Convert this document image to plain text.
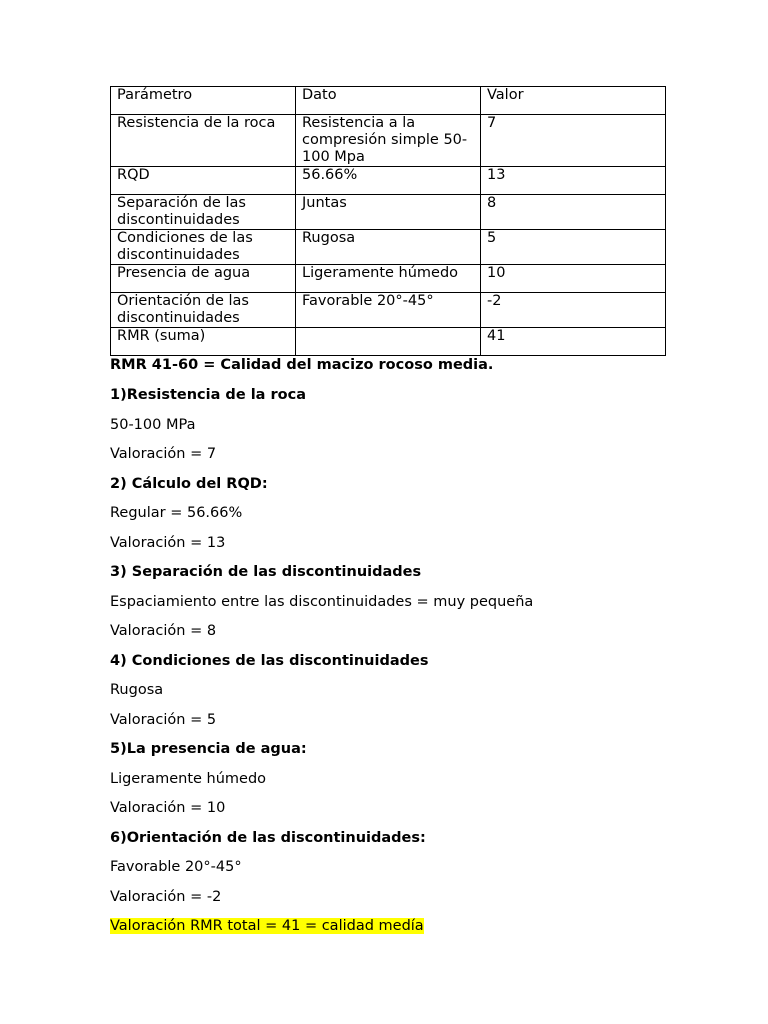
Parámetro	Dato	Valor
Resistencia de la roca	Resistencia a la compresión simple 50-100 Mpa	7
RQD	56.66%	13
Separación de las discontinuidades	Juntas	8
Condiciones de las discontinuidades	Rugosa	5
Presencia de agua	Ligeramente húmedo	10
Orientación de las discontinuidades	Favorable 20°-45°	-2
RMR (suma)		41

RMR 41-60 = Calidad del macizo rocoso media.

1)Resistencia de la roca

50-100 MPa

Valoración = 7

2) Cálculo del RQD:

Regular = 56.66%

Valoración = 13

3) Separación de las discontinuidades

Espaciamiento entre las discontinuidades = muy pequeña

Valoración = 8

4) Condiciones de las discontinuidades

Rugosa

Valoración = 5

5)La presencia de agua:

Ligeramente húmedo

Valoración = 10

6)Orientación de las discontinuidades:

Favorable 20°-45°

Valoración = -2

Valoración RMR total = 41 = calidad medía
